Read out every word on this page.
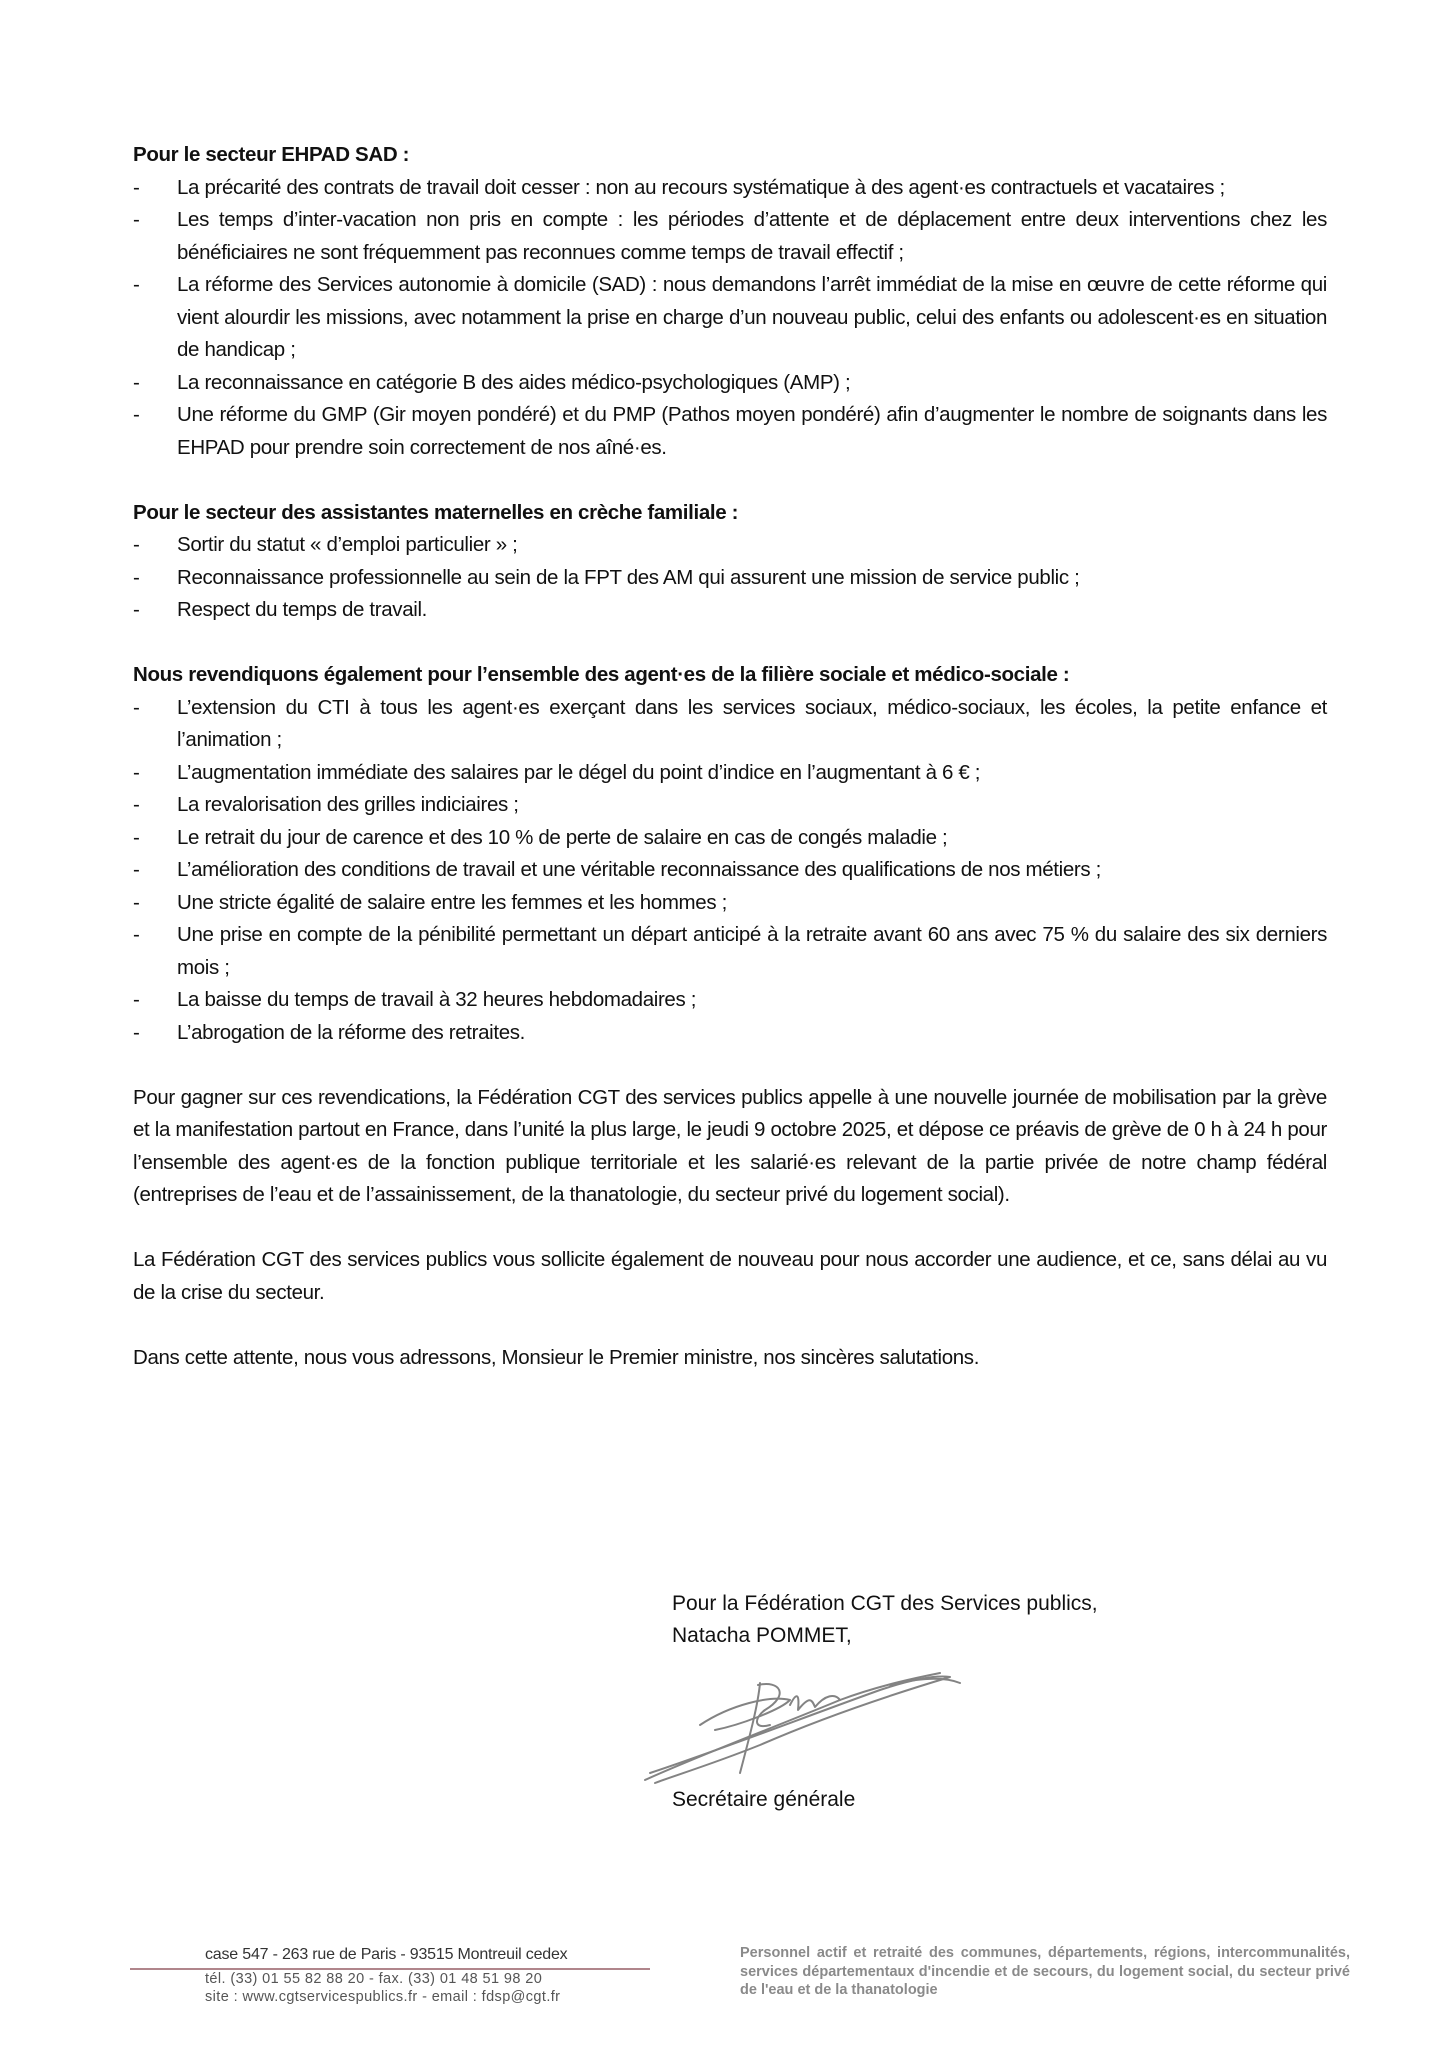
Pour le secteur EHPAD SAD :

- La précarité des contrats de travail doit cesser : non au recours systématique à des agent·es contractuels et vacataires ;
- Les temps d’inter-vacation non pris en compte : les périodes d’attente et de déplacement entre deux interventions chez les bénéficiaires ne sont fréquemment pas reconnues comme temps de travail effectif ;
- La réforme des Services autonomie à domicile (SAD) : nous demandons l’arrêt immédiat de la mise en œuvre de cette réforme qui vient alourdir les missions, avec notamment la prise en charge d’un nouveau public, celui des enfants ou adolescent·es en situation de handicap ;
- La reconnaissance en catégorie B des aides médico-psychologiques (AMP) ;
- Une réforme du GMP (Gir moyen pondéré) et du PMP (Pathos moyen pondéré) afin d’augmenter le nombre de soignants dans les EHPAD pour prendre soin correctement de nos aîné·es.

Pour le secteur des assistantes maternelles en crèche familiale :

- Sortir du statut « d’emploi particulier » ;
- Reconnaissance professionnelle au sein de la FPT des AM qui assurent une mission de service public ;
- Respect du temps de travail.

Nous revendiquons également pour l’ensemble des agent·es de la filière sociale et médico-sociale :

- L’extension du CTI à tous les agent·es exerçant dans les services sociaux, médico-sociaux, les écoles, la petite enfance et l’animation ;
- L’augmentation immédiate des salaires par le dégel du point d’indice en l’augmentant à 6 € ;
- La revalorisation des grilles indiciaires ;
- Le retrait du jour de carence et des 10 % de perte de salaire en cas de congés maladie ;
- L’amélioration des conditions de travail et une véritable reconnaissance des qualifications de nos métiers ;
- Une stricte égalité de salaire entre les femmes et les hommes ;
- Une prise en compte de la pénibilité permettant un départ anticipé à la retraite avant 60 ans avec 75 % du salaire des six derniers mois ;
- La baisse du temps de travail à 32 heures hebdomadaires ;
- L’abrogation de la réforme des retraites.

Pour gagner sur ces revendications, la Fédération CGT des services publics appelle à une nouvelle journée de mobilisation par la grève et la manifestation partout en France, dans l’unité la plus large, le jeudi 9 octobre 2025, et dépose ce préavis de grève de 0 h à 24 h pour l’ensemble des agent·es de la fonction publique territoriale et les salarié·es relevant de la partie privée de notre champ fédéral (entreprises de l’eau et de l’assainissement, de la thanatologie, du secteur privé du logement social).

La Fédération CGT des services publics vous sollicite également de nouveau pour nous accorder une audience, et ce, sans délai au vu de la crise du secteur.

Dans cette attente, nous vous adressons, Monsieur le Premier ministre, nos sincères salutations.

Pour la Fédération CGT des Services publics,
Natacha POMMET,
Secrétaire générale
case 547 - 263 rue de Paris - 93515 Montreuil cedex
tél. (33) 01 55 82 88 20 - fax. (33) 01 48 51 98 20
site : www.cgtservicespublics.fr - email : fdsp@cgt.fr
Personnel actif et retraité des communes, départements, régions, intercommunalités, services départementaux d'incendie et de secours, du logement social, du secteur privé de l'eau et de la thanatologie
